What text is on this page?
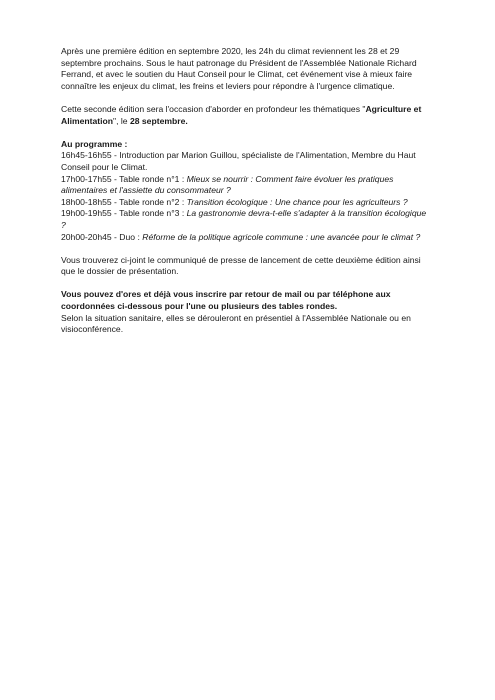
Après une première édition en septembre 2020, les 24h du climat reviennent les 28 et 29 septembre prochains. Sous le haut patronage du Président de l'Assemblée Nationale Richard Ferrand, et avec le soutien du Haut Conseil pour le Climat, cet événement vise à mieux faire connaître les enjeux du climat, les freins et leviers pour répondre à l'urgence climatique.

Cette seconde édition sera l'occasion d'aborder en profondeur les thématiques "Agriculture et Alimentation", le 28 septembre.

Au programme :

16h45-16h55 - Introduction par Marion Guillou, spécialiste de l'Alimentation, Membre du Haut Conseil pour le Climat.

17h00-17h55 - Table ronde n°1 : Mieux se nourrir : Comment faire évoluer les pratiques alimentaires et l'assiette du consommateur ?

18h00-18h55 - Table ronde n°2 : Transition écologique : Une chance pour les agriculteurs ?

19h00-19h55 - Table ronde n°3 : La gastronomie devra-t-elle s'adapter à la transition écologique ?

20h00-20h45 - Duo : Réforme de la politique agricole commune : une avancée pour le climat ?

Vous trouverez ci-joint le communiqué de presse de lancement de cette deuxième édition ainsi que le dossier de présentation.

Vous pouvez d'ores et déjà vous inscrire par retour de mail ou par téléphone aux coordonnées ci-dessous pour l'une ou plusieurs des tables rondes.

Selon la situation sanitaire, elles se dérouleront en présentiel à l'Assemblée Nationale ou en visioconférence.
